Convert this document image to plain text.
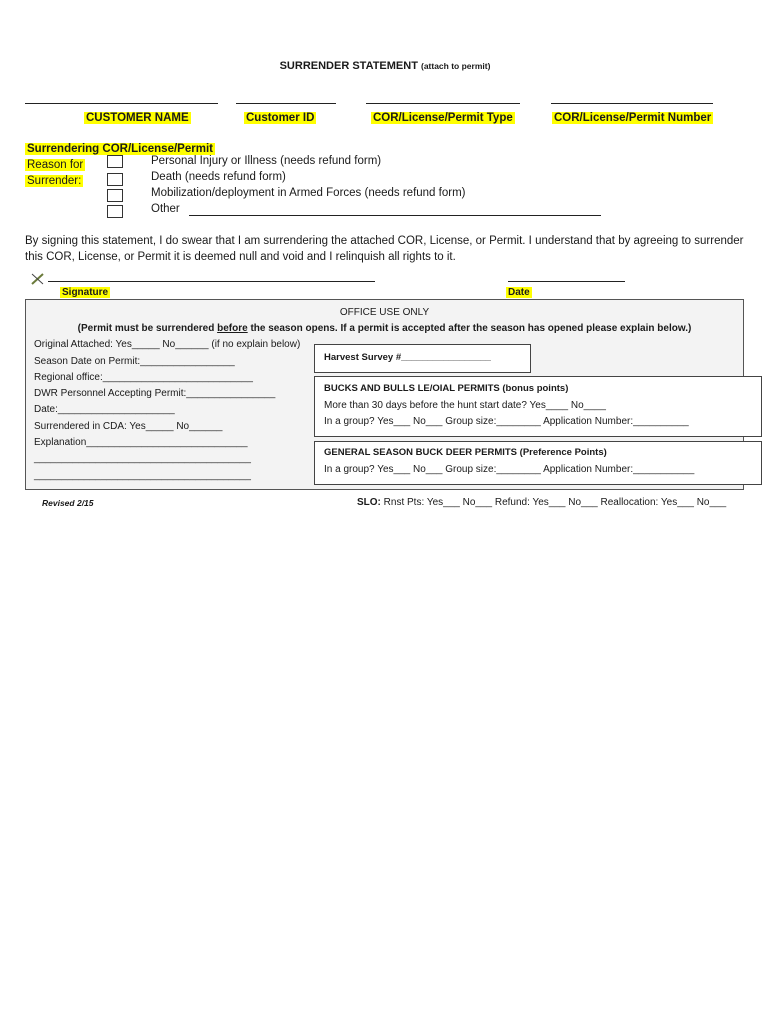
SURRENDER STATEMENT (attach to permit)
CUSTOMER NAME	Customer ID	COR/License/Permit Type	COR/License/Permit Number
Surrendering COR/License/Permit
Reason for
Surrender:
Personal Injury or Illness (needs refund form)
Death (needs refund form)
Mobilization/deployment in Armed Forces (needs refund form)
Other
By signing this statement, I do swear that I am surrendering the attached COR, License, or Permit. I understand that by agreeing to surrender
this COR, License, or Permit it is deemed null and void and I relinquish all rights to it.
Signature	Date
OFFICE USE ONLY
(Permit must be surrendered before the season opens. If a permit is accepted after the season has opened please explain below.)
Original Attached: Yes_____ No______ (if no explain below)
Season Date on Permit:_________________
Regional office:___________________________
DWR Personnel Accepting Permit:________________
Date:_____________________
Surrendered in CDA: Yes_____ No______
Explanation_____________________________
_______________________________________
_______________________________________
Harvest Survey #_________________
BUCKS AND BULLS LE/OIAL PERMITS (bonus points)
More than 30 days before the hunt start date? Yes____ No____
In a group? Yes___ No___ Group size:________ Application Number:__________
GENERAL SEASON BUCK DEER PERMITS (Preference Points)
In a group? Yes___ No___ Group size:________ Application Number:___________
Revised 2/15	SLO: Rnst Pts: Yes___ No___ Refund: Yes___ No___ Reallocation: Yes___ No___
